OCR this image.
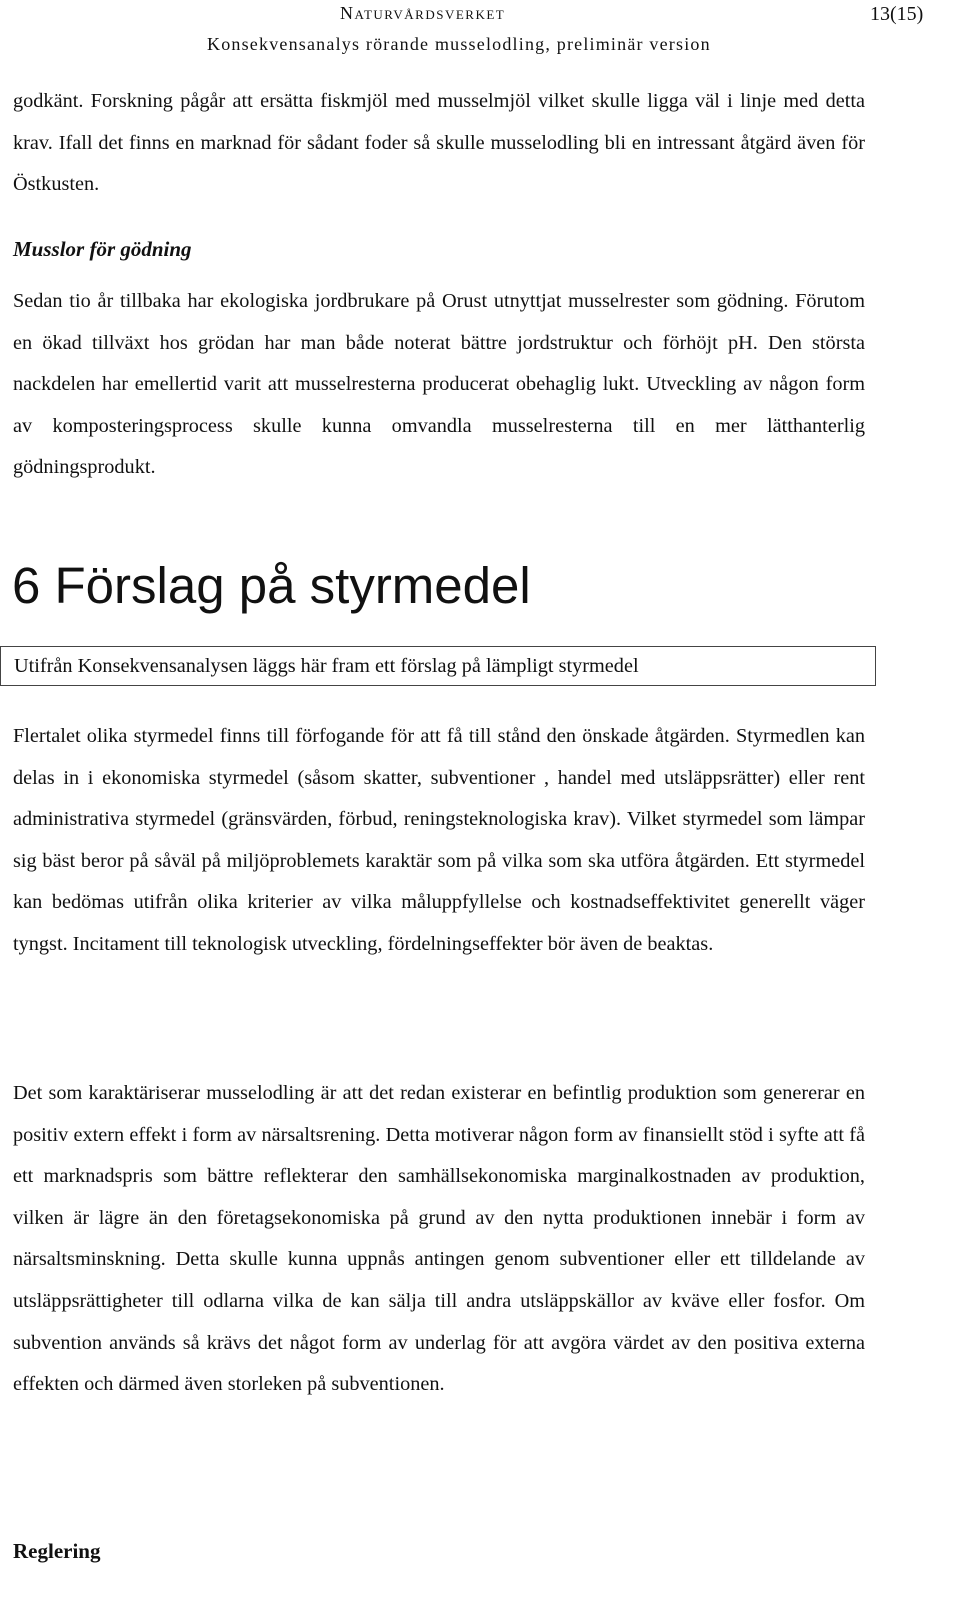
Naturvårdsverket	13(15)
Konsekvensanalys rörande musselodling, preliminär version

godkänt. Forskning pågår att ersätta fiskmjöl med musselmjöl vilket skulle ligga väl i linje med detta krav. Ifall det finns en marknad för sådant foder så skulle musselodling bli en intressant åtgärd även för Östkusten.

Musslor för gödning

Sedan tio år tillbaka har ekologiska jordbrukare på Orust utnyttjat musselrester som gödning. Förutom en ökad tillväxt hos grödan har man både noterat bättre jordstruktur och förhöjt pH. Den största nackdelen har emellertid varit att musselresterna producerat obehaglig lukt. Utveckling av någon form av komposteringsprocess skulle kunna omvandla musselresterna till en mer lätthanterlig gödningsprodukt.

6 Förslag på styrmedel
Utifrån Konsekvensanalysen läggs här fram ett förslag på lämpligt styrmedel

Flertalet olika styrmedel finns till förfogande för att få till stånd den önskade åtgärden. Styrmedlen kan delas in i ekonomiska styrmedel (såsom skatter, subventioner , handel med utsläppsrätter) eller rent administrativa styrmedel (gränsvärden, förbud, reningsteknologiska krav). Vilket styrmedel som lämpar sig bäst beror på såväl på miljöproblemets karaktär som på vilka som ska utföra åtgärden. Ett styrmedel kan bedömas utifrån olika kriterier av vilka måluppfyllelse och kostnadseffektivitet generellt väger tyngst. Incitament till teknologisk utveckling, fördelningseffekter bör även de beaktas.

Det som karaktäriserar musselodling är att det redan existerar en befintlig produktion som genererar en positiv extern effekt i form av närsaltsrening. Detta motiverar någon form av finansiellt stöd i syfte att få ett marknadspris som bättre reflekterar den samhällsekonomiska marginalkostnaden av produktion, vilken är lägre än den företagsekonomiska på grund av den nytta produktionen innebär i form av närsaltsminskning. Detta skulle kunna uppnås antingen genom subventioner eller ett tilldelande av utsläppsrättigheter till odlarna vilka de kan sälja till andra utsläppskällor av kväve eller fosfor. Om subvention används så krävs det något form av underlag för att avgöra värdet av den positiva externa effekten och därmed även storleken på subventionen.

Reglering
